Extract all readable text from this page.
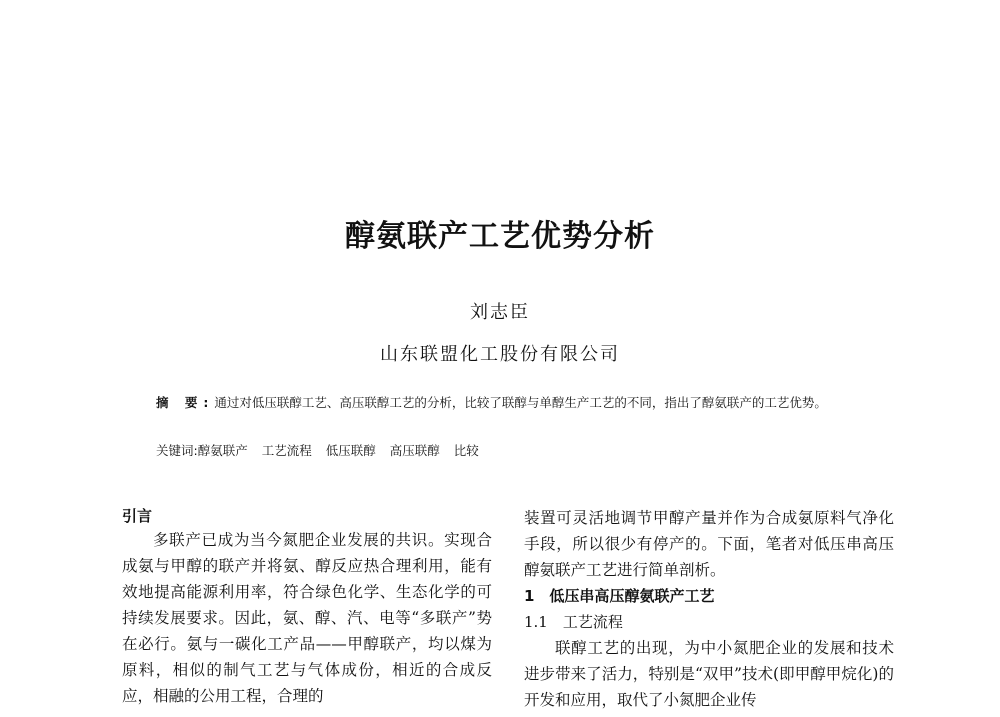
醇氨联产工艺优势分析
刘志臣
山东联盟化工股份有限公司
摘 要:通过对低压联醇工艺、高压联醇工艺的分析，比较了联醇与单醇生产工艺的不同，指出了醇氨联产的工艺优势。
关键词:醇氨联产 工艺流程 低压联醇 高压联醇 比较
引言

多联产已成为当今氮肥企业发展的共识。实现合成氨与甲醇的联产并将氨、醇反应热合理利用，能有效地提高能源利用率，符合绿色化学、生态化学的可持续发展要求。因此，氨、醇、汽、电等“多联产”势在必行。氨与一碳化工产品——甲醇联产，均以煤为原料，相似的制气工艺与气体成份，相近的合成反应，相融的公用工程，合理的

装置可灵活地调节甲醇产量并作为合成氨原料气净化手段，所以很少有停产的。下面，笔者对低压串高压醇氨联产工艺进行简单剖析。

1　低压串高压醇氨联产工艺
1.1　工艺流程

联醇工艺的出现，为中小氮肥企业的发展和技术进步带来了活力，特别是“双甲”技术(即甲醇甲烷化)的开发和应用，取代了小氮肥企业传
